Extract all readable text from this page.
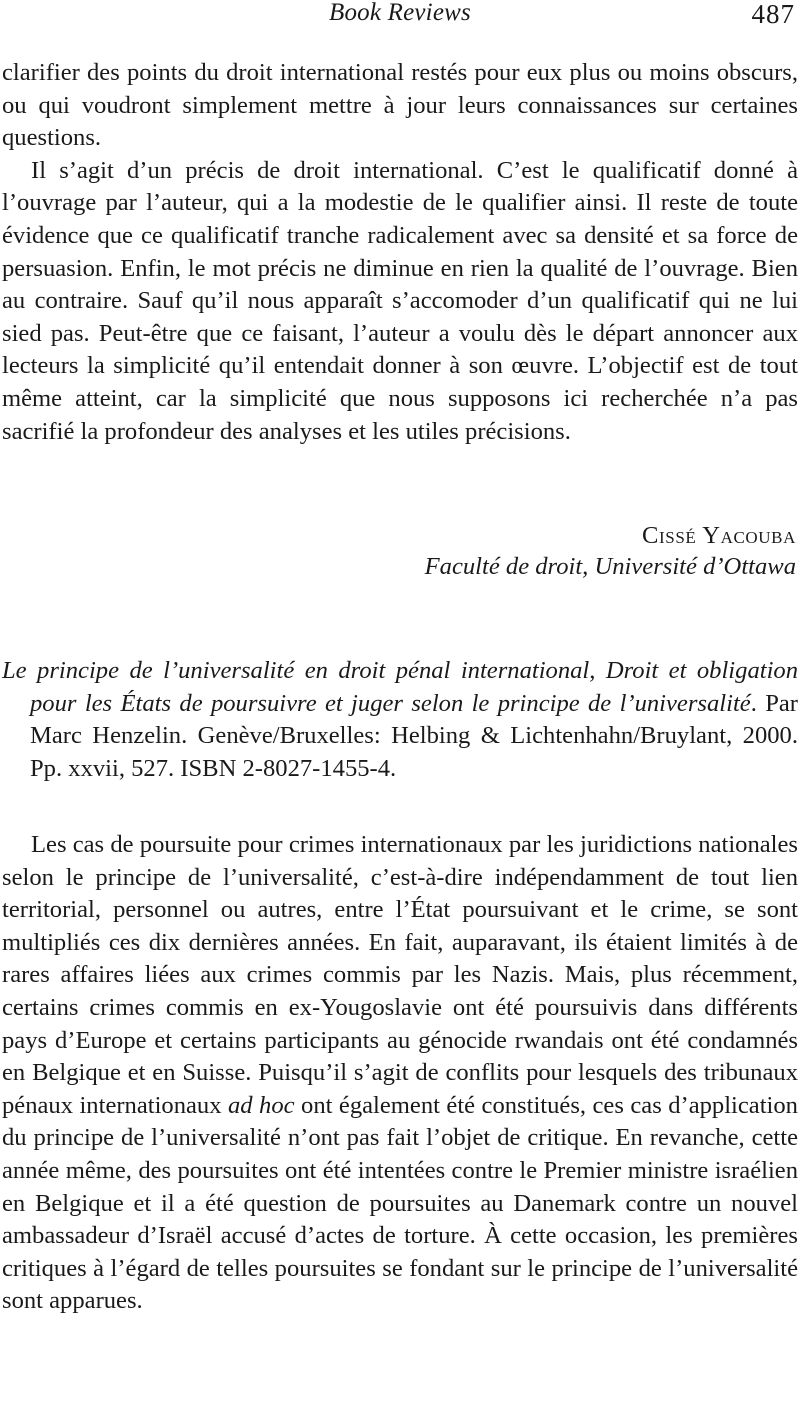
Book Reviews	487

clarifier des points du droit international restés pour eux plus ou moins obscurs, ou qui voudront simplement mettre à jour leurs connaissances sur certaines questions.

Il s’agit d’un précis de droit international. C’est le qualificatif donné à l’ouvrage par l’auteur, qui a la modestie de le qualifier ainsi. Il reste de toute évidence que ce qualificatif tranche radicalement avec sa densité et sa force de persuasion. Enfin, le mot précis ne diminue en rien la qualité de l’ouvrage. Bien au contraire. Sauf qu’il nous apparaît s’accomoder d’un qualificatif qui ne lui sied pas. Peut-être que ce faisant, l’auteur a voulu dès le départ annoncer aux lecteurs la simplicité qu’il entendait donner à son œuvre. L’objectif est de tout même atteint, car la simplicité que nous supposons ici recherchée n’a pas sacrifié la profondeur des analyses et les utiles précisions.

Cissé Yacouba
Faculté de droit, Université d’Ottawa
Le principe de l’universalité en droit pénal international, Droit et obligation pour les États de poursuivre et juger selon le principe de l’universalité. Par Marc Henzelin. Genève/Bruxelles: Helbing & Lichtenhahn/Bruylant, 2000. Pp. xxvii, 527. ISBN 2-8027-1455-4.

Les cas de poursuite pour crimes internationaux par les juridictions nationales selon le principe de l’universalité, c’est-à-dire indépendamment de tout lien territorial, personnel ou autres, entre l’État poursuivant et le crime, se sont multipliés ces dix dernières années. En fait, auparavant, ils étaient limités à de rares affaires liées aux crimes commis par les Nazis. Mais, plus récemment, certains crimes commis en ex-Yougoslavie ont été poursuivis dans différents pays d’Europe et certains participants au génocide rwandais ont été condamnés en Belgique et en Suisse. Puisqu’il s’agit de conflits pour lesquels des tribunaux pénaux internationaux ad hoc ont également été constitués, ces cas d’application du principe de l’universalité n’ont pas fait l’objet de critique. En revanche, cette année même, des poursuites ont été intentées contre le Premier ministre israélien en Belgique et il a été question de poursuites au Danemark contre un nouvel ambassadeur d’Israël accusé d’actes de torture. À cette occasion, les premières critiques à l’égard de telles poursuites se fondant sur le principe de l’universalité sont apparues.
